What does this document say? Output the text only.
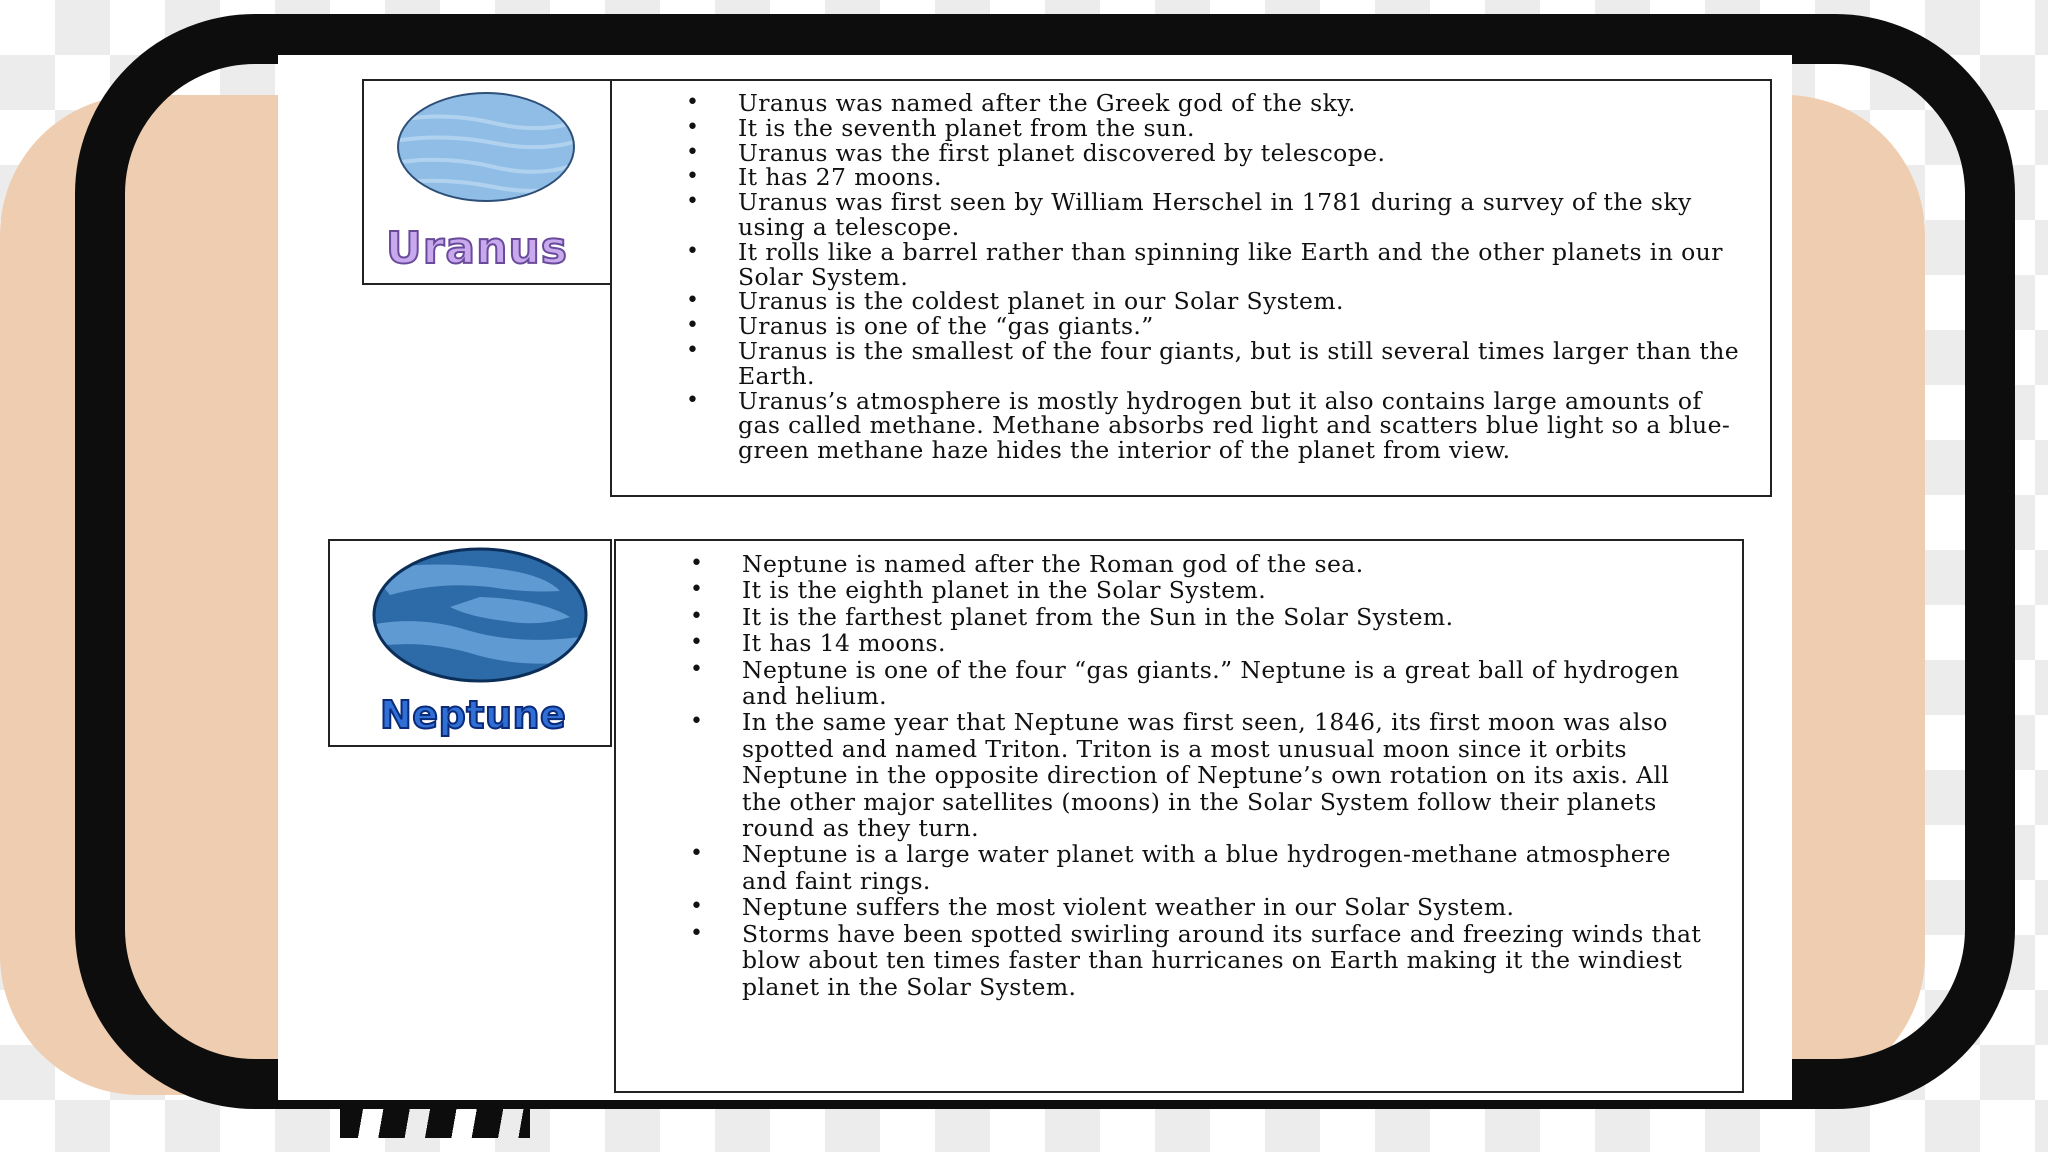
Uranus
• Uranus was named after the Greek god of the sky.
• It is the seventh planet from the sun.
• Uranus was the first planet discovered by telescope.
• It has 27 moons.
• Uranus was first seen by William Herschel in 1781 during a survey of the sky using a telescope.
• It rolls like a barrel rather than spinning like Earth and the other planets in our Solar System.
• Uranus is the coldest planet in our Solar System.
• Uranus is one of the “gas giants.”
• Uranus is the smallest of the four giants, but is still several times larger than the Earth.
• Uranus’s atmosphere is mostly hydrogen but it also contains large amounts of gas called methane. Methane absorbs red light and scatters blue light so a blue-green methane haze hides the interior of the planet from view.
Neptune
• Neptune is named after the Roman god of the sea.
• It is the eighth planet in the Solar System.
• It is the farthest planet from the Sun in the Solar System.
• It has 14 moons.
• Neptune is one of the four “gas giants.” Neptune is a great ball of hydrogen and helium.
• In the same year that Neptune was first seen, 1846, its first moon was also spotted and named Triton. Triton is a most unusual moon since it orbits Neptune in the opposite direction of Neptune’s own rotation on its axis. All the other major satellites (moons) in the Solar System follow their planets round as they turn.
• Neptune is a large water planet with a blue hydrogen-methane atmosphere and faint rings.
• Neptune suffers the most violent weather in our Solar System.
• Storms have been spotted swirling around its surface and freezing winds that blow about ten times faster than hurricanes on Earth making it the windiest planet in the Solar System.
